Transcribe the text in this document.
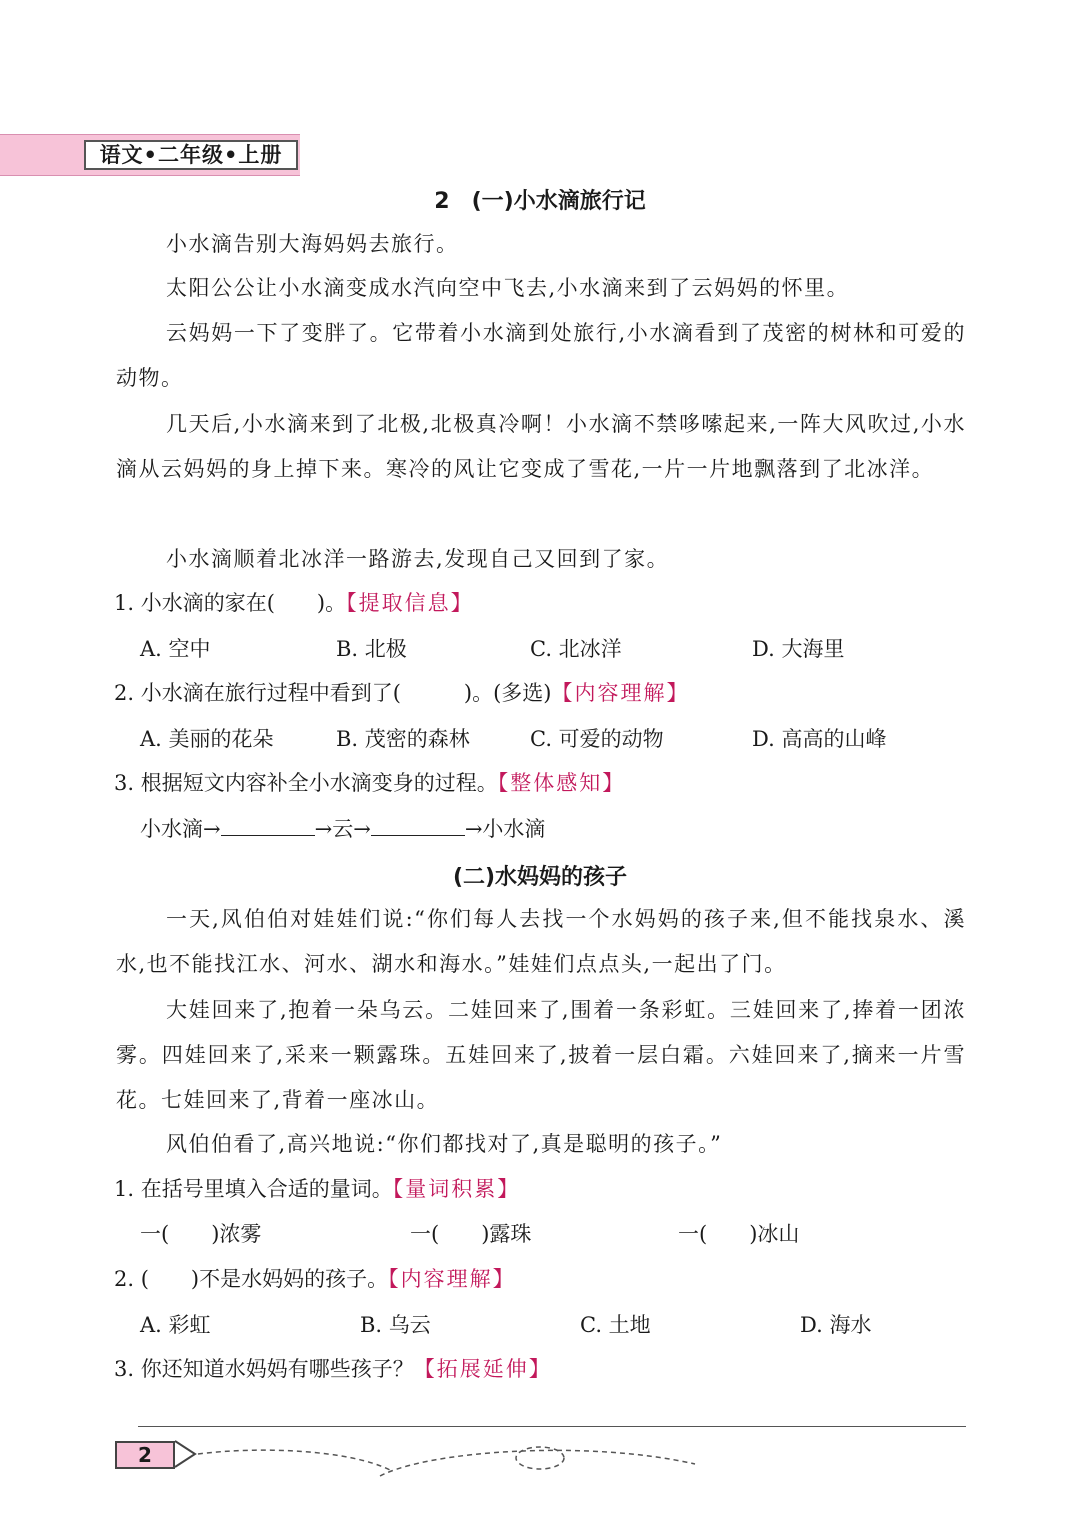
语文•二年级•上册
2　(一)小水滴旅行记

小水滴告别大海妈妈去旅行。

太阳公公让小水滴变成水汽向空中飞去,小水滴来到了云妈妈的怀里。

云妈妈一下了变胖了。它带着小水滴到处旅行,小水滴看到了茂密的树林和可爱的动物。

几天后,小水滴来到了北极,北极真冷啊！小水滴不禁哆嗦起来,一阵大风吹过,小水滴从云妈妈的身上掉下来。寒冷的风让它变成了雪花,一片一片地飘落到了北冰洋。

小水滴顺着北冰洋一路游去,发现自己又回到了家。

1. 小水滴的家在(　　)。【提取信息】
A. 空中	B. 北极	C. 北冰洋	D. 大海里
2. 小水滴在旅行过程中看到了(　　　)。(多选)【内容理解】
A. 美丽的花朵	B. 茂密的森林	C. 可爱的动物	D. 高高的山峰
3. 根据短文内容补全小水滴变身的过程。【整体感知】
小水滴→	→云→	→小水滴
(二)水妈妈的孩子

一天,风伯伯对娃娃们说:“你们每人去找一个水妈妈的孩子来,但不能找泉水、溪水,也不能找江水、河水、湖水和海水。”娃娃们点点头,一起出了门。

大娃回来了,抱着一朵乌云。二娃回来了,围着一条彩虹。三娃回来了,捧着一团浓雾。四娃回来了,采来一颗露珠。五娃回来了,披着一层白霜。六娃回来了,摘来一片雪花。七娃回来了,背着一座冰山。

风伯伯看了,高兴地说:“你们都找对了,真是聪明的孩子。”

1. 在括号里填入合适的量词。【量词积累】
一(　　)浓雾	一(　　)露珠	一(　　)冰山
2. (　　)不是水妈妈的孩子。【内容理解】
A. 彩虹	B. 乌云	C. 土地	D. 海水
3. 你还知道水妈妈有哪些孩子？【拓展延伸】
2
